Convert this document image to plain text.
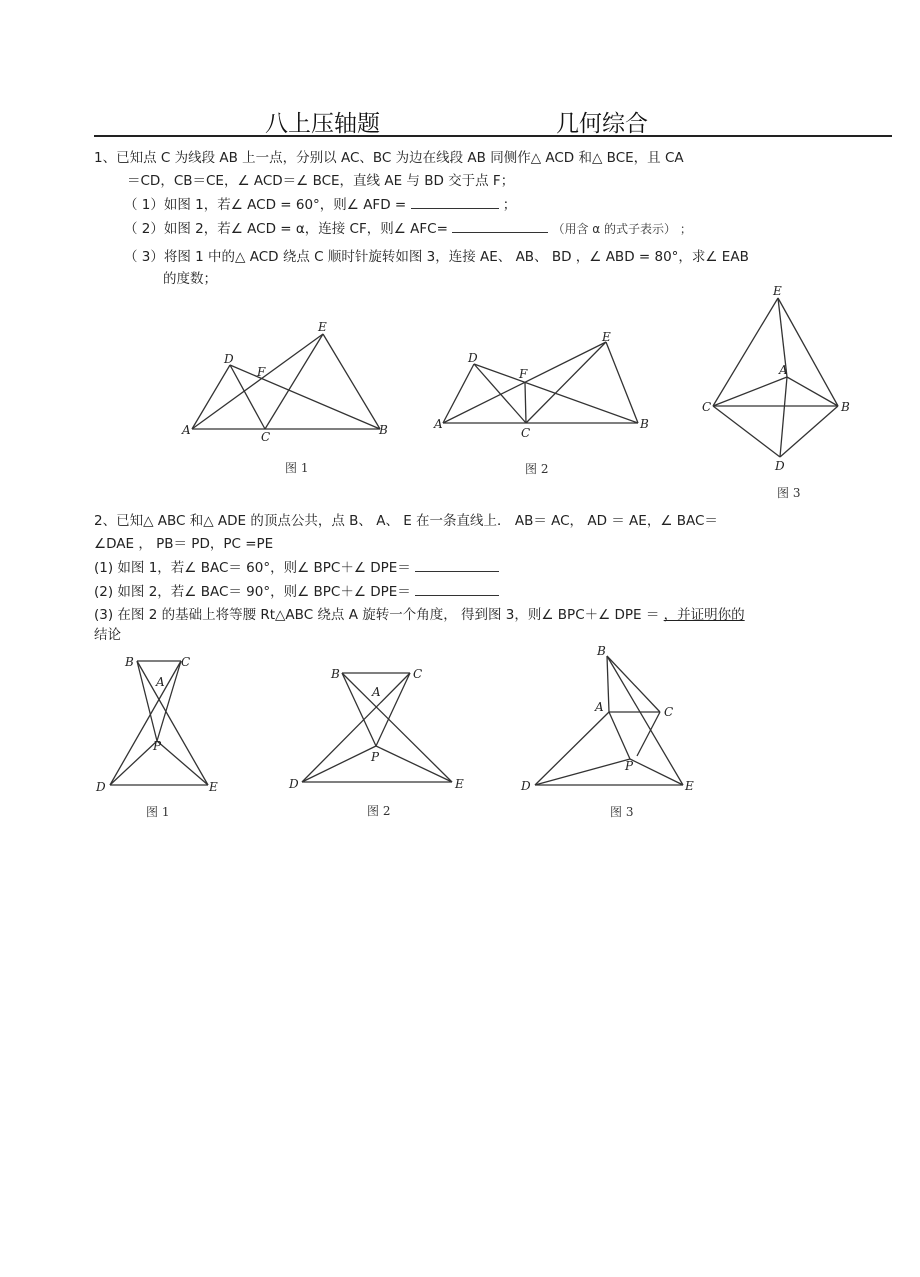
八上压轴题	几何综合
1、已知点 C 为线段 AB 上一点，分别以 AC、BC 为边在线段 AB 同侧作△ ACD 和△ BCE，且 CA
＝CD，CB＝CE，∠ ACD＝∠ BCE，直线 AE 与 BD 交于点 F；
（ 1）如图 1，若∠ ACD = 60°，则∠ AFD =	；
（ 2）如图 2，若∠ ACD = α，连接 CF，则∠ AFC=	（用含 α 的式子表示） ；
（ 3）将图 1 中的△ ACD 绕点 C 顺时针旋转如图 3，连接 AE、 AB、 BD ，∠ ABD = 80°，求∠ EAB
的度数；
A	C	B
D
E
F
A
C
B
D
E
F
E
A
C	B
D
B	C
A
P
D	E
B	C
A
P
D	E
B
A	C
P
D	E
图 1	图 2
图 3
2、已知△ ABC 和△ ADE 的顶点公共，点 B、 A、 E 在一条直线上． AB＝ AC， AD ＝ AE，∠ BAC＝
∠DAE ， PB＝ PD，PC =PE
(1) 如图 1，若∠ BAC＝ 60°，则∠ BPC＋∠ DPE＝
(2) 如图 2，若∠ BAC＝ 90°，则∠ BPC＋∠ DPE＝
(3) 在图 2 的基础上将等腰 Rt△ABC 绕点 A 旋转一个角度， 得到图 3，则∠ BPC＋∠ DPE ＝ ，并证明你的
结论
图 1	图 2	图 3
